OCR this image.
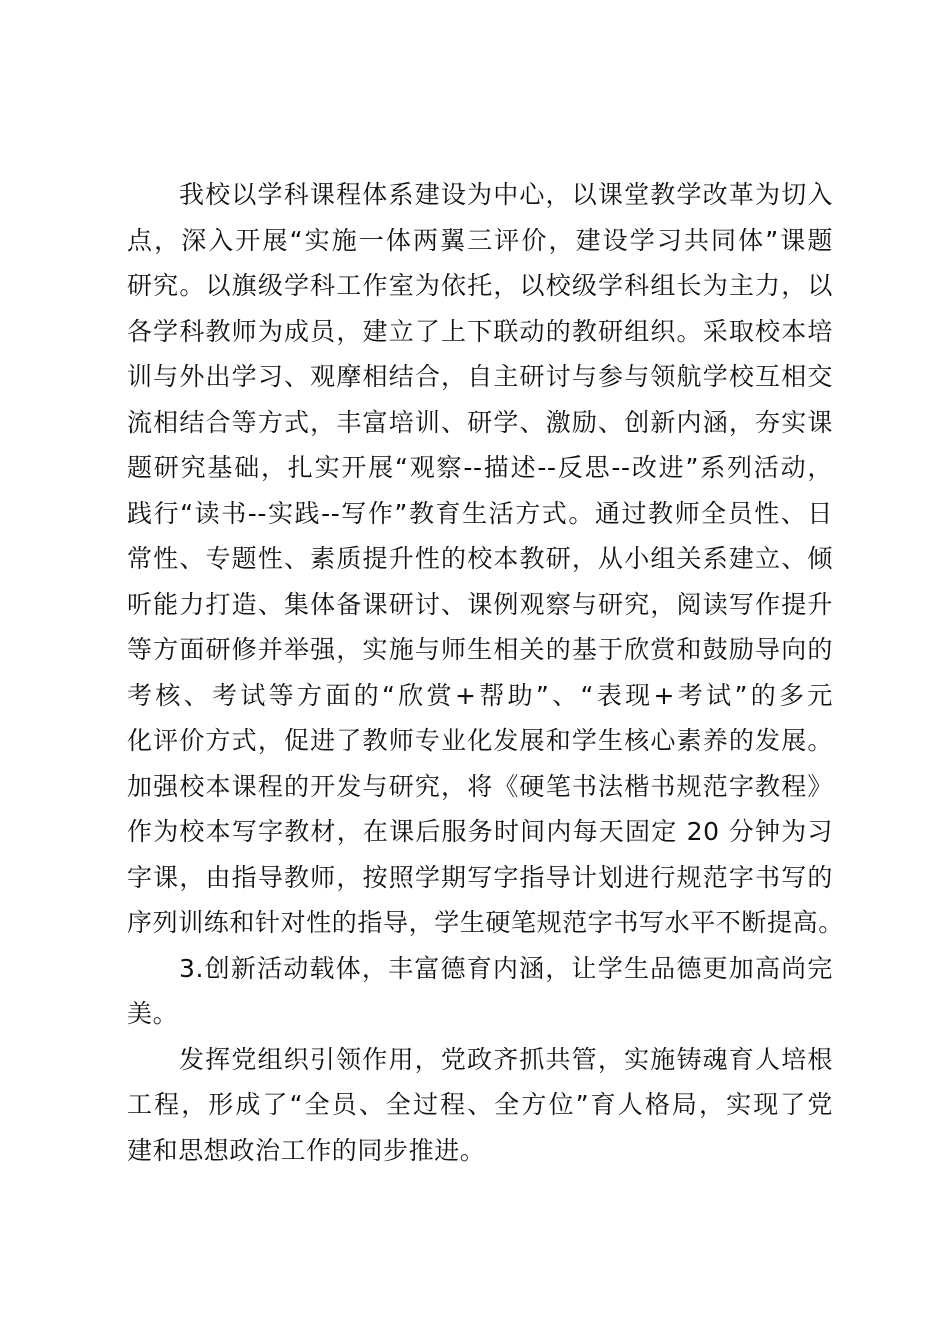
我校以学科课程体系建设为中心，以课堂教学改革为切入
点，深入开展“实施一体两翼三评价，建设学习共同体”课题
研究。以旗级学科工作室为依托，以校级学科组长为主力，以
各学科教师为成员，建立了上下联动的教研组织。采取校本培
训与外出学习、观摩相结合，自主研讨与参与领航学校互相交
流相结合等方式，丰富培训、研学、激励、创新内涵，夯实课
题研究基础，扎实开展“观察--描述--反思--改进”系列活动，
践行“读书--实践--写作”教育生活方式。通过教师全员性、日
常性、专题性、素质提升性的校本教研，从小组关系建立、倾
听能力打造、集体备课研讨、课例观察与研究，阅读写作提升
等方面研修并举强，实施与师生相关的基于欣赏和鼓励导向的
考核、考试等方面的“欣赏+帮助”、“表现+考试”的多元
化评价方式，促进了教师专业化发展和学生核心素养的发展。
加强校本课程的开发与研究，将《硬笔书法楷书规范字教程》
作为校本写字教材，在课后服务时间内每天固定 20 分钟为习
字课，由指导教师，按照学期写字指导计划进行规范字书写的
序列训练和针对性的指导，学生硬笔规范字书写水平不断提高。
3.创新活动载体，丰富德育内涵，让学生品德更加高尚完
美。
发挥党组织引领作用，党政齐抓共管，实施铸魂育人培根
工程，形成了“全员、全过程、全方位”育人格局，实现了党
建和思想政治工作的同步推进。
